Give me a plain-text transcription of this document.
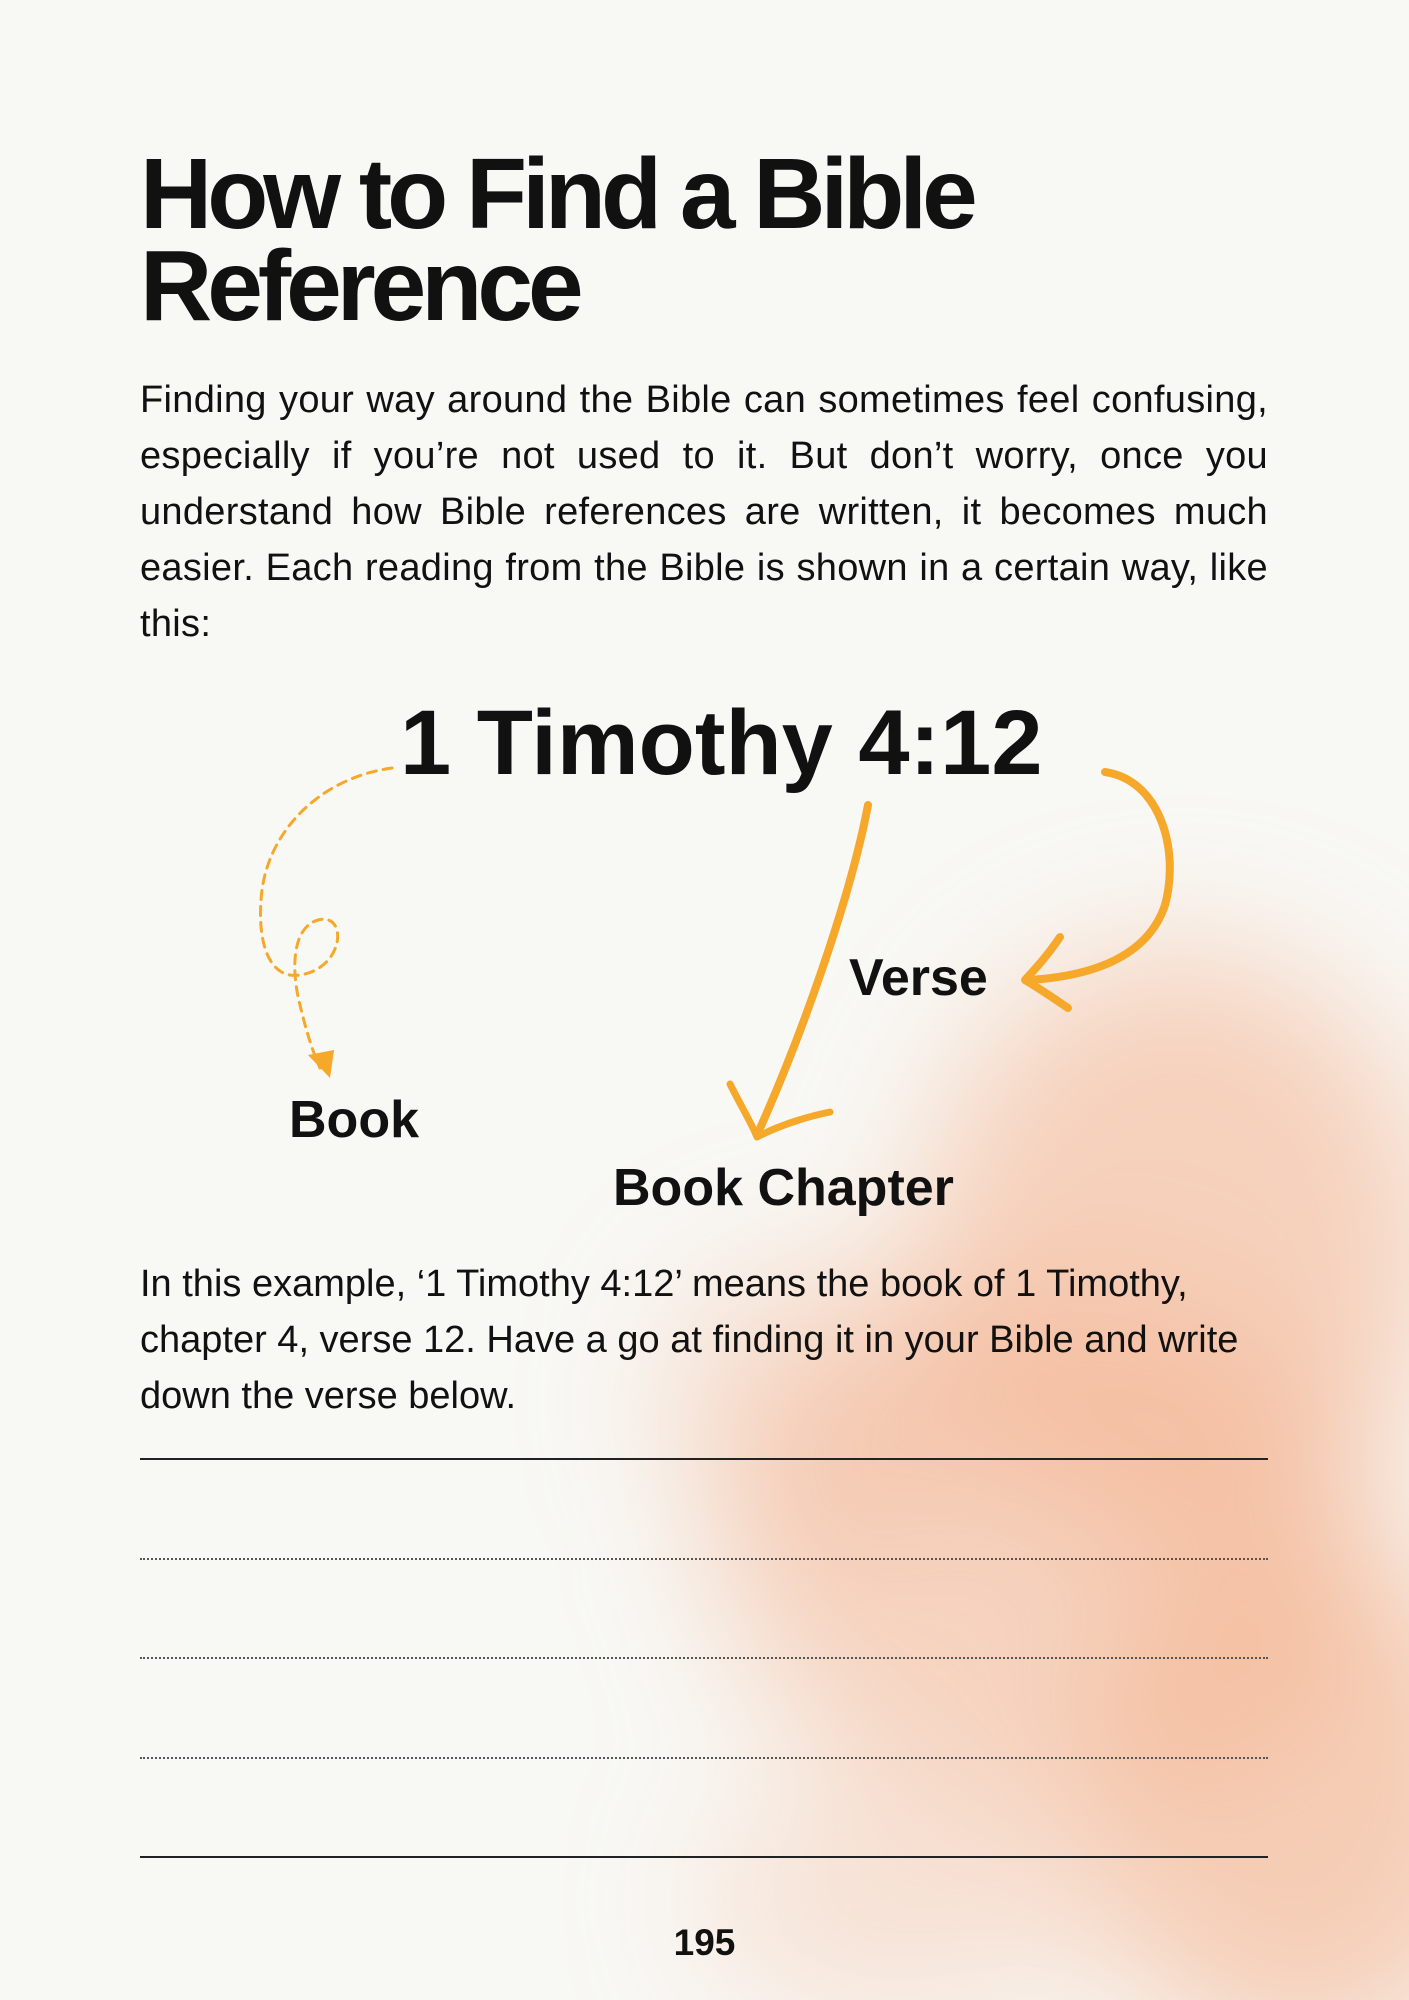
How to Find a Bible Reference

Finding your way around the Bible can sometimes feel confusing, especially if you’re not used to it. But don’t worry, once you understand how Bible references are written, it becomes much easier. Each reading from the Bible is shown in a certain way, like this:

1 Timothy 4:12
Verse
Book
Book Chapter

In this example, ‘1 Timothy 4:12’ means the book of 1 Timothy, chapter 4, verse 12. Have a go at finding it in your Bible and write down the verse below.

195
